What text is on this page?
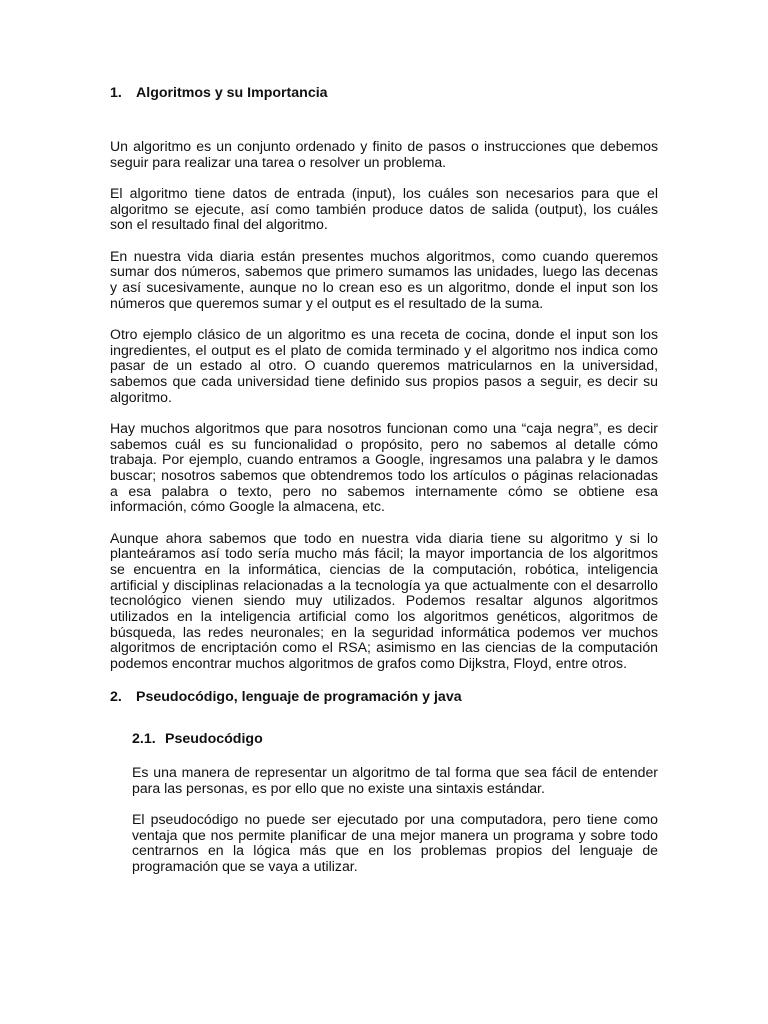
1. Algoritmos y su Importancia

Un algoritmo es un conjunto ordenado y finito de pasos o instrucciones que debemos seguir para realizar una tarea o resolver un problema.

El algoritmo tiene datos de entrada (input), los cuáles son necesarios para que el algoritmo se ejecute, así como también produce datos de salida (output), los cuáles son el resultado final del algoritmo.

En nuestra vida diaria están presentes muchos algoritmos, como cuando queremos sumar dos números, sabemos que primero sumamos las unidades, luego las decenas y así sucesivamente, aunque no lo crean eso es un algoritmo, donde el input son los números que queremos sumar y el output es el resultado de la suma.

Otro ejemplo clásico de un algoritmo es una receta de cocina, donde el input son los ingredientes, el output es el plato de comida terminado y el algoritmo nos indica como pasar de un estado al otro. O cuando queremos matricularnos en la universidad, sabemos que cada universidad tiene definido sus propios pasos a seguir, es decir su algoritmo.

Hay muchos algoritmos que para nosotros funcionan como una “caja negra”, es decir sabemos cuál es su funcionalidad o propósito, pero no sabemos al detalle cómo trabaja. Por ejemplo, cuando entramos a Google, ingresamos una palabra y le damos buscar; nosotros sabemos que obtendremos todo los artículos o páginas relacionadas a esa palabra o texto, pero no sabemos internamente cómo se obtiene esa información, cómo Google la almacena, etc.

Aunque ahora sabemos que todo en nuestra vida diaria tiene su algoritmo y si lo planteáramos así todo sería mucho más fácil; la mayor importancia de los algoritmos se encuentra en la informática, ciencias de la computación, robótica, inteligencia artificial y disciplinas relacionadas a la tecnología ya que actualmente con el desarrollo tecnológico vienen siendo muy utilizados. Podemos resaltar algunos algoritmos utilizados en la inteligencia artificial como los algoritmos genéticos, algoritmos de búsqueda, las redes neuronales; en la seguridad informática podemos ver muchos algoritmos de encriptación como el RSA; asimismo en las ciencias de la computación podemos encontrar muchos algoritmos de grafos como Dijkstra, Floyd, entre otros.

2. Pseudocódigo, lenguaje de programación y java
2.1. Pseudocódigo

Es una manera de representar un algoritmo de tal forma que sea fácil de entender para las personas, es por ello que no existe una sintaxis estándar.

El pseudocódigo no puede ser ejecutado por una computadora, pero tiene como ventaja que nos permite planificar de una mejor manera un programa y sobre todo centrarnos en la lógica más que en los problemas propios del lenguaje de programación que se vaya a utilizar.
